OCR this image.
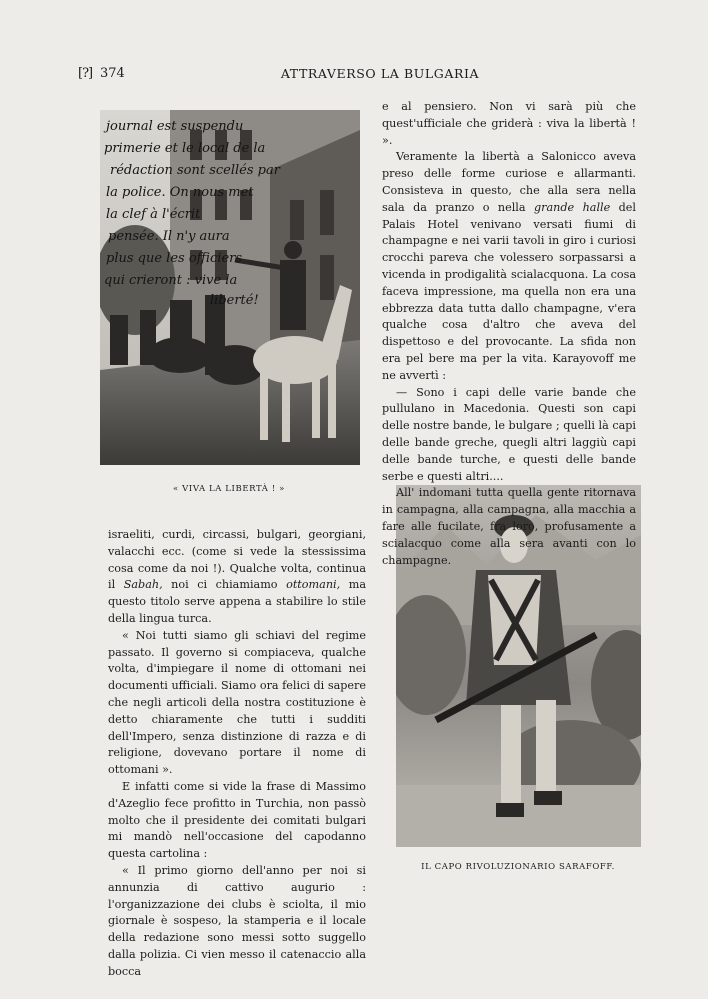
[?] 374	ATTRAVERSO LA BULGARIA
journal est suspendu
primerie et le local de la
rédaction sont scellés par
la police. On nous met
la clef à l'écrit
pensée. Il n'y aura
plus que les officiers
qui crieront : vive la
liberté!
« VIVA LA LIBERTÀ ! »
IL CAPO RIVOLUZIONARIO SARAFOFF.

e al pensiero. Non vi sarà più che quest'ufficiale che griderà : viva la libertà ! ».

Veramente la libertà a Salonicco aveva preso delle forme curiose e allarmanti. Consisteva in questo, che alla sera nella sala da pranzo o nella grande halle del Palais Hotel venivano versati fiumi di champagne e nei varii tavoli in giro i curiosi crocchi pareva che volessero sorpassarsi a vicenda in prodigalità scialacquona. La cosa faceva impressione, ma quella non era una ebbrezza data tutta dallo champagne, v'era qualche cosa d'altro che aveva del dispettoso e del provocante. La sfida non era pel bere ma per la vita. Karayovoff me ne avvertì :

— Sono i capi delle varie bande che pullulano in Macedonia. Questi son capi delle nostre bande, le bulgare ; quelli là capi delle bande greche, quegli altri laggiù capi delle bande turche, e questi delle bande serbe e questi altri....

All' indomani tutta quella gente ritornava in campagna, alla campagna, alla macchia a fare alle fucilate, fra loro, profusamente a scialacquo come alla sera avanti con lo champagne.

israeliti, curdi, circassi, bulgari, georgiani, valacchi ecc. (come si vede la stessissima cosa come da noi !). Qualche volta, continua il Sabah, noi ci chiamiamo ottomani, ma questo titolo serve appena a stabilire lo stile della lingua turca.

« Noi tutti siamo gli schiavi del regime passato. Il governo si compiaceva, qualche volta, d'impiegare il nome di ottomani nei documenti ufficiali. Siamo ora felici di sapere che negli articoli della nostra costituzione è detto chiaramente che tutti i sudditi dell'Impero, senza distinzione di razza e di religione, dovevano portare il nome di ottomani ».

E infatti come si vide la frase di Massimo d'Azeglio fece profitto in Turchia, non passò molto che il presidente dei comitati bulgari mi mandò nell'occasione del capodanno questa cartolina :

« Il primo giorno dell'anno per noi si annunzia di cattivo augurio : l'organizzazione dei clubs è sciolta, il mio giornale è sospeso, la stamperia e il locale della redazione sono messi sotto suggello dalla polizia. Ci vien messo il catenaccio alla bocca
